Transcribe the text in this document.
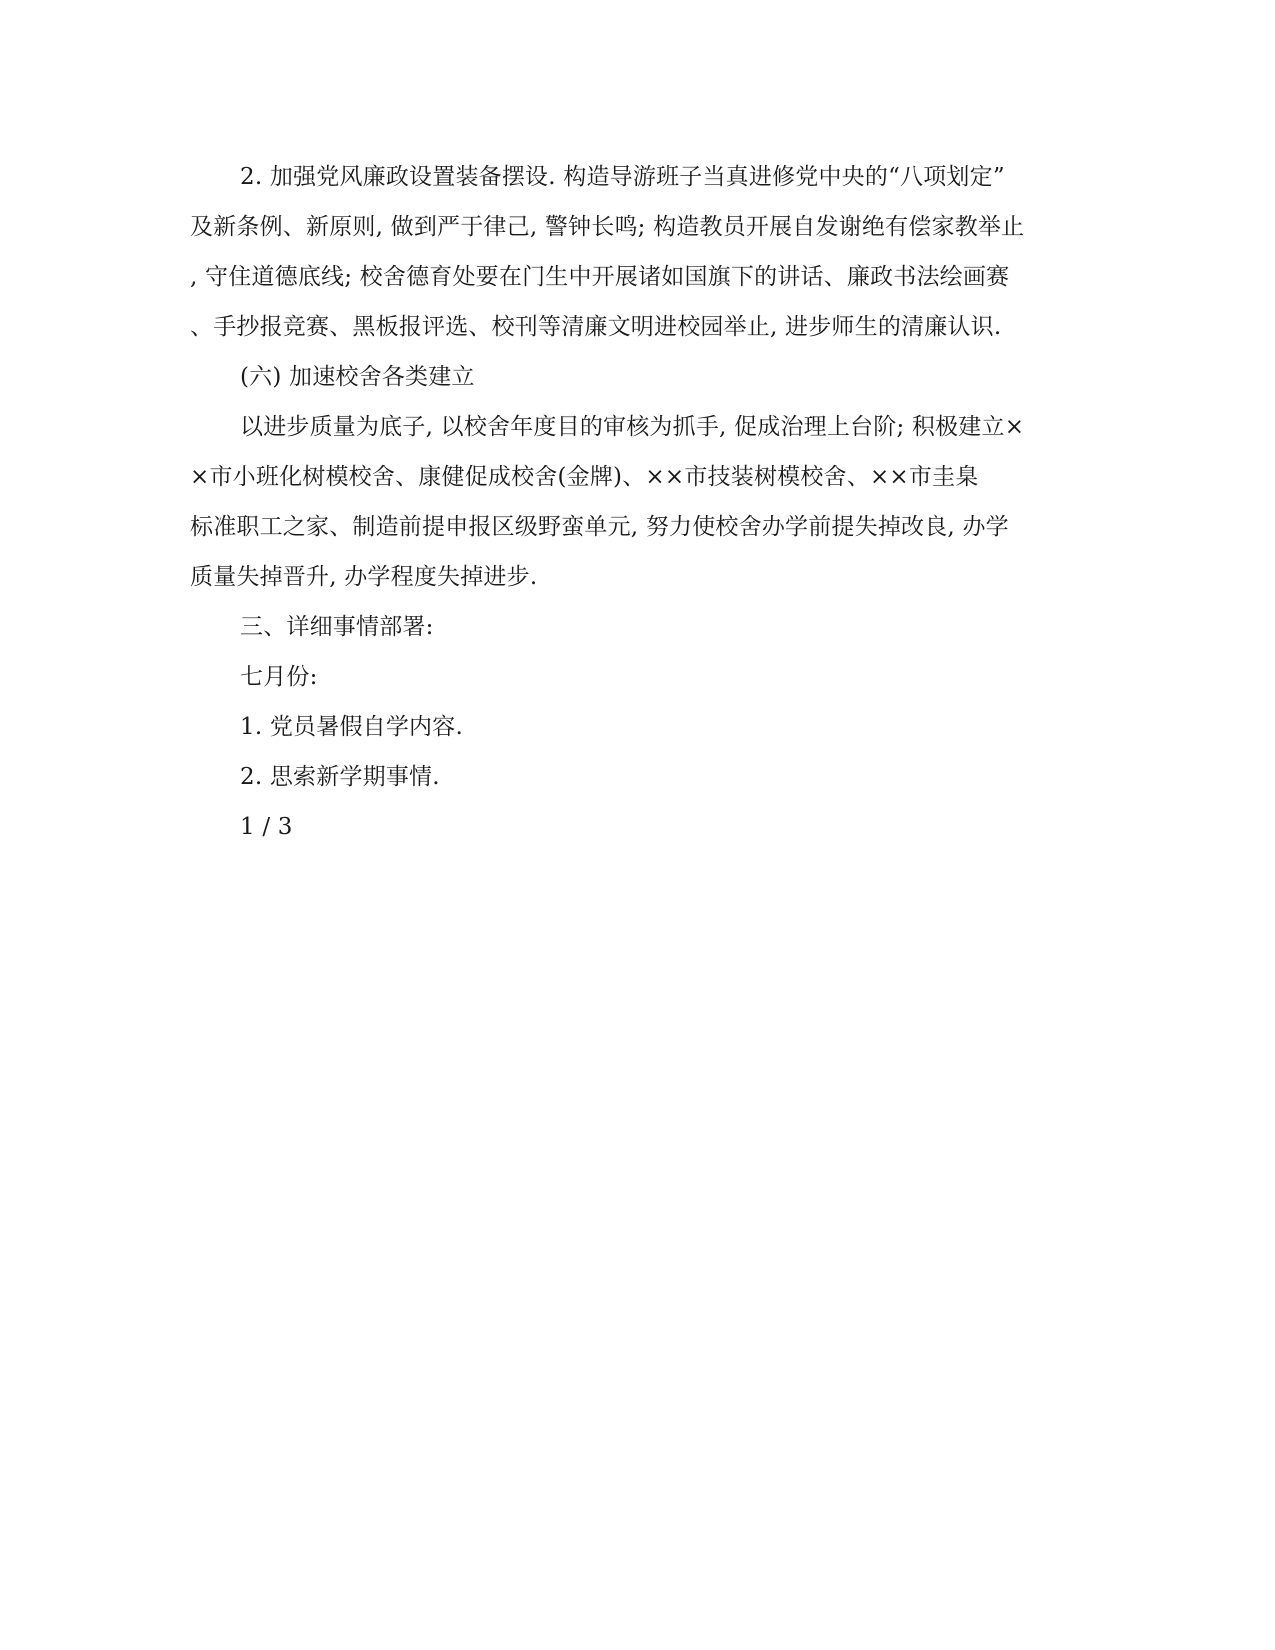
2. 加强党风廉政设置装备摆设. 构造导游班子当真进修党中央的“八项划定”
及新条例、新原则, 做到严于律己, 警钟长鸣; 构造教员开展自发谢绝有偿家教举止
, 守住道德底线; 校舍德育处要在门生中开展诸如国旗下的讲话、廉政书法绘画赛
、手抄报竞赛、黑板报评选、校刊等清廉文明进校园举止, 进步师生的清廉认识.
(六) 加速校舍各类建立
以进步质量为底子, 以校舍年度目的审核为抓手, 促成治理上台阶; 积极建立×
×市小班化树模校舍、康健促成校舍(金牌)、××市技装树模校舍、××市圭臬
标准职工之家、制造前提申报区级野蛮单元, 努力使校舍办学前提失掉改良, 办学
质量失掉晋升, 办学程度失掉进步.
三、详细事情部署:
七月份:
1. 党员暑假自学内容.
2. 思索新学期事情.
1 / 3
